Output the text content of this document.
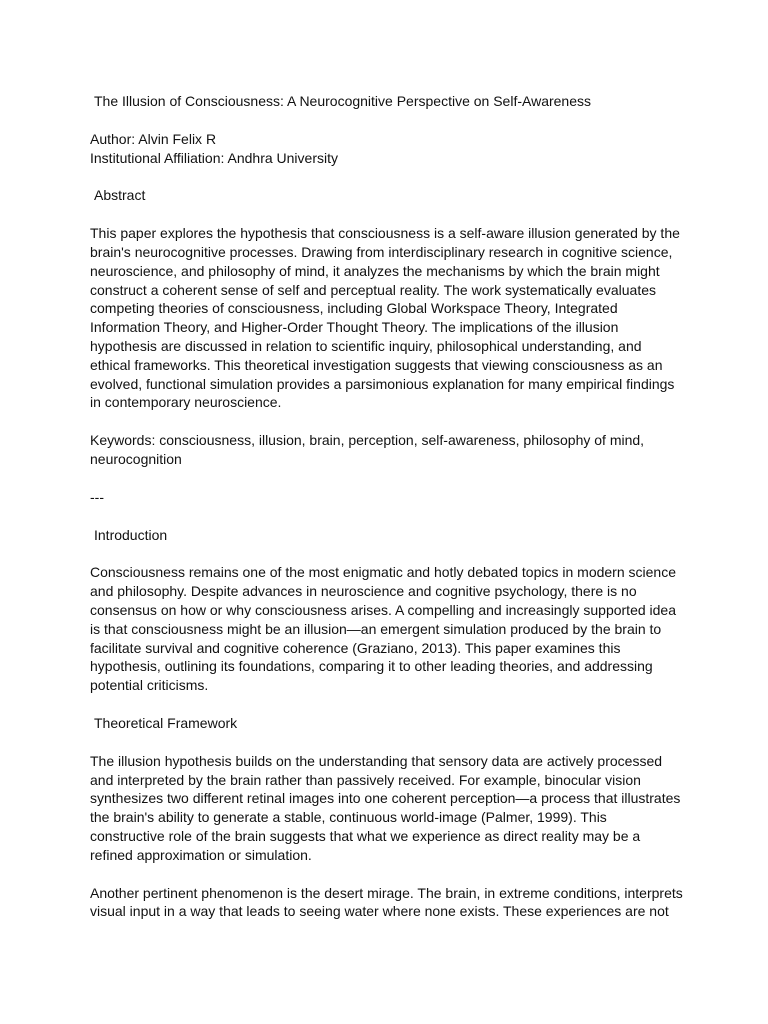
The Illusion of Consciousness: A Neurocognitive Perspective on Self-Awareness

Author: Alvin Felix R

Institutional Affiliation: Andhra University

Abstract

This paper explores the hypothesis that consciousness is a self-aware illusion generated by the
brain's neurocognitive processes. Drawing from interdisciplinary research in cognitive science,
neuroscience, and philosophy of mind, it analyzes the mechanisms by which the brain might
construct a coherent sense of self and perceptual reality. The work systematically evaluates
competing theories of consciousness, including Global Workspace Theory, Integrated
Information Theory, and Higher-Order Thought Theory. The implications of the illusion
hypothesis are discussed in relation to scientific inquiry, philosophical understanding, and
ethical frameworks. This theoretical investigation suggests that viewing consciousness as an
evolved, functional simulation provides a parsimonious explanation for many empirical findings
in contemporary neuroscience.

Keywords: consciousness, illusion, brain, perception, self-awareness, philosophy of mind,
neurocognition

---

Introduction

Consciousness remains one of the most enigmatic and hotly debated topics in modern science
and philosophy. Despite advances in neuroscience and cognitive psychology, there is no
consensus on how or why consciousness arises. A compelling and increasingly supported idea
is that consciousness might be an illusion—an emergent simulation produced by the brain to
facilitate survival and cognitive coherence (Graziano, 2013). This paper examines this
hypothesis, outlining its foundations, comparing it to other leading theories, and addressing
potential criticisms.

Theoretical Framework

The illusion hypothesis builds on the understanding that sensory data are actively processed
and interpreted by the brain rather than passively received. For example, binocular vision
synthesizes two different retinal images into one coherent perception—a process that illustrates
the brain's ability to generate a stable, continuous world-image (Palmer, 1999). This
constructive role of the brain suggests that what we experience as direct reality may be a
refined approximation or simulation.

Another pertinent phenomenon is the desert mirage. The brain, in extreme conditions, interprets
visual input in a way that leads to seeing water where none exists. These experiences are not
